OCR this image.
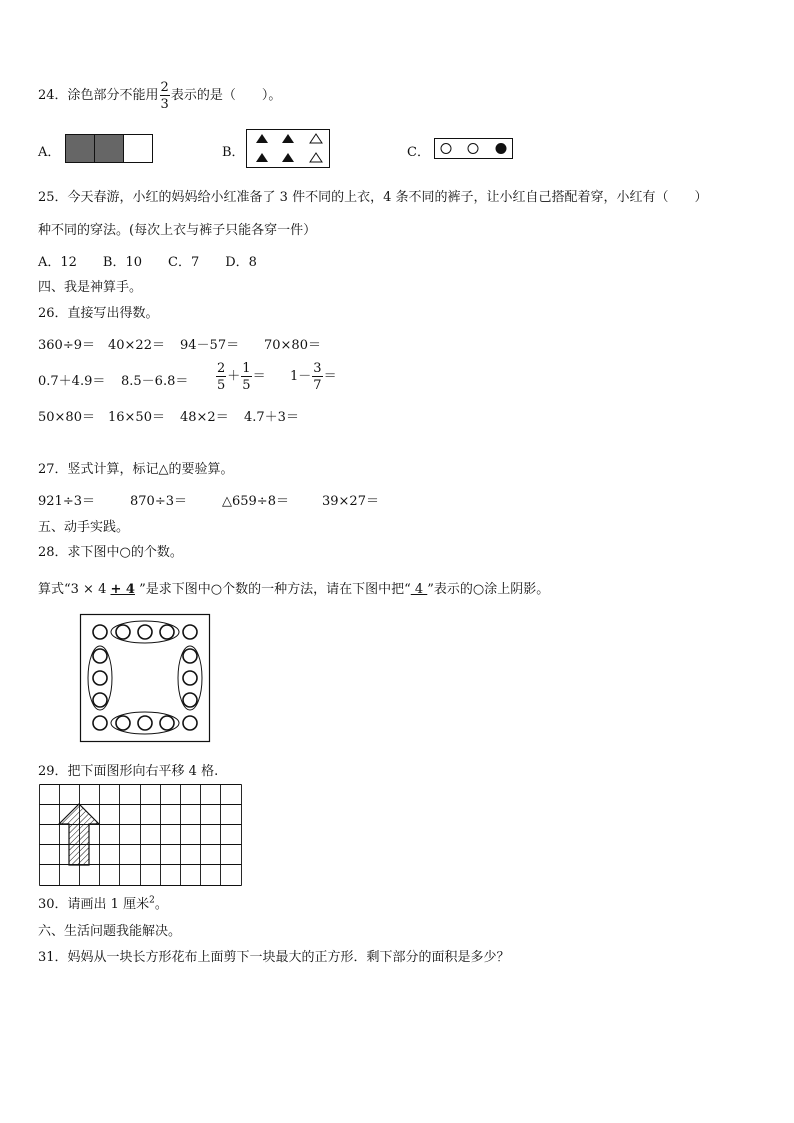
24．涂色部分不能用 $\frac{2}{3}$ 表示的是（　　）。
A．	B．	C．
25．今天春游，小红的妈妈给小红准备了 3 件不同的上衣，4 条不同的裤子，让小红自己搭配着穿，小红有（　　）
种不同的穿法。(每次上衣与裤子只能各穿一件）
A．12　　B．10　　C．7　　D．8
四、我是神算手。
26．直接写出得数。
360÷9＝ 40×22＝ 94－57＝ 70×80＝
$0.7+4.9= 8.5-6.8= \frac{2}{5} + \frac{1}{5} = 1- \frac{3}{7}$ ＝
50×80＝ 16×50＝ 48×2＝ 4.7＋3＝
27．竖式计算，标记△的要验算。
921÷3＝	870÷3＝	△659÷8＝	39×27＝
五、动手实践。
28．求下图中○的个数。
算式“3 × 4 + 4 ”是求下图中○个数的一种方法，请在下图中把“ 4 ”表示的○涂上阴影。
29．把下面图形向右平移 4 格.
30．请画出 1 厘米$^2$。
六、生活问题我能解决。
31．妈妈从一块长方形花布上面剪下一块最大的正方形．剩下部分的面积是多少？
